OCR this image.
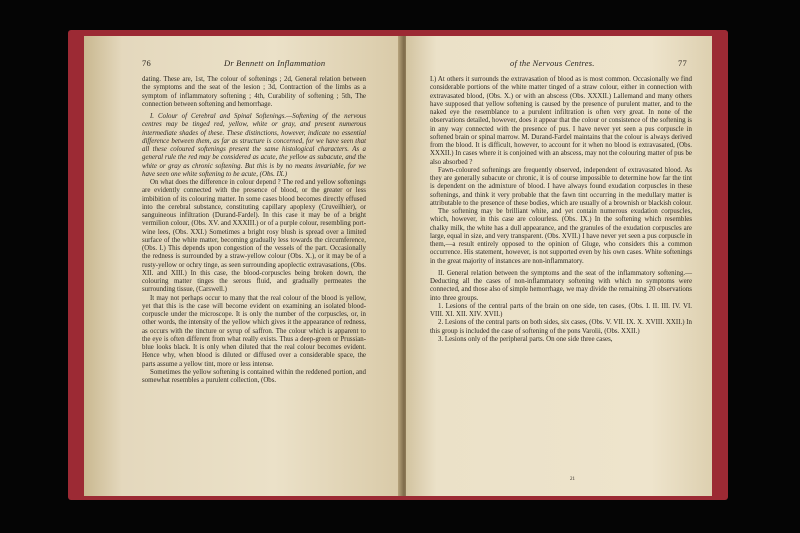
76	Dr Bennett on Inflammation

dating. These are, 1st, The colour of softenings ; 2d, General relation between the symptoms and the seat of the lesion ; 3d, Contraction of the limbs as a symptom of inflammatory softening ; 4th, Curability of softening ; 5th, The connection between softening and hemorrhage.

I. Colour of Cerebral and Spinal Softenings.—Softening of the nervous centres may be tinged red, yellow, white or gray, and present numerous intermediate shades of these. These distinctions, however, indicate no essential difference between them, as far as structure is concerned, for we have seen that all these coloured softenings present the same histological characters. As a general rule the red may be considered as acute, the yellow as subacute, and the white or gray as chronic softening. But this is by no means invariable, for we have seen one white softening to be acute, (Obs. IX.)

On what does the difference in colour depend ? The red and yellow softenings are evidently connected with the presence of blood, or the greater or less imbibition of its colouring matter. In some cases blood becomes directly effused into the cerebral substance, constituting capillary apoplexy (Cruveilhier), or sanguineous infiltration (Durand-Fardel). In this case it may be of a bright vermilion colour, (Obs. XV. and XXXIII.) or of a purple colour, resembling port-wine lees, (Obs. XXI.) Sometimes a bright rosy blush is spread over a limited surface of the white matter, becoming gradually less towards the circumference, (Obs. I.) This depends upon congestion of the vessels of the part. Occasionally the redness is surrounded by a straw-yellow colour (Obs. X.), or it may be of a rusty-yellow or ochry tinge, as seen surrounding apoplectic extravasations, (Obs. XII. and XIII.) In this case, the blood-corpuscles being broken down, the colouring matter tinges the serous fluid, and gradually permeates the surrounding tissue, (Carswell.)

It may not perhaps occur to many that the real colour of the blood is yellow, yet that this is the case will become evident on examining an isolated blood-corpuscle under the microscope. It is only the number of the corpuscles, or, in other words, the intensity of the yellow which gives it the appearance of redness, as occurs with the tincture or syrup of saffron. The colour which is apparent to the eye is often different from what really exists. Thus a deep-green or Prussian-blue looks black. It is only when diluted that the real colour becomes evident. Hence why, when blood is diluted or diffused over a considerable space, the parts assume a yellow tint, more or less intense.

Sometimes the yellow softening is contained within the reddened portion, and somewhat resembles a purulent collection, (Obs.

of the Nervous Centres.	77

I.) At others it surrounds the extravasation of blood as is most common. Occasionally we find considerable portions of the white matter tinged of a straw colour, either in connection with extravasated blood, (Obs. X.) or with an abscess (Obs. XXXII.) Lallemand and many others have supposed that yellow softening is caused by the presence of purulent matter, and to the naked eye the resemblance to a purulent infiltration is often very great. In none of the observations detailed, however, does it appear that the colour or consistence of the softening is in any way connected with the presence of pus. I have never yet seen a pus corpuscle in softened brain or spinal marrow. M. Durand-Fardel maintains that the colour is always derived from the blood. It is difficult, however, to account for it when no blood is extravasated, (Obs. XXXII.) In cases where it is conjoined with an abscess, may not the colouring matter of pus be also absorbed ?

Fawn-coloured softenings are frequently observed, independent of extravasated blood. As they are generally subacute or chronic, it is of course impossible to determine how far the tint is dependent on the admixture of blood. I have always found exudation corpuscles in these softenings, and think it very probable that the fawn tint occurring in the medullary matter is attributable to the presence of these bodies, which are usually of a brownish or blackish colour.

The softening may be brilliant white, and yet contain numerous exudation corpuscles, which, however, in this case are colourless. (Obs. IX.) In the softening which resembles chalky milk, the white has a dull appearance, and the granules of the exudation corpuscles are large, equal in size, and very transparent. (Obs. XVII.) I have never yet seen a pus corpuscle in them,—a result entirely opposed to the opinion of Gluge, who considers this a common occurrence. His statement, however, is not supported even by his own cases. White softenings in the great majority of instances are non-inflammatory.

II. General relation between the symptoms and the seat of the inflammatory softening.—Deducting all the cases of non-inflammatory softening with which no symptoms were connected, and those also of simple hemorrhage, we may divide the remaining 20 observations into three groups.

1. Lesions of the central parts of the brain on one side, ten cases, (Obs. I. II. III. IV. VI. VIII. XI. XII. XIV. XVII.)

2. Lesions of the central parts on both sides, six cases, (Obs. V. VII. IX. X. XVIII. XXII.) In this group is included the case of softening of the pons Varolii, (Obs. XXII.)

3. Lesions only of the peripheral parts. On one side three cases,

21
